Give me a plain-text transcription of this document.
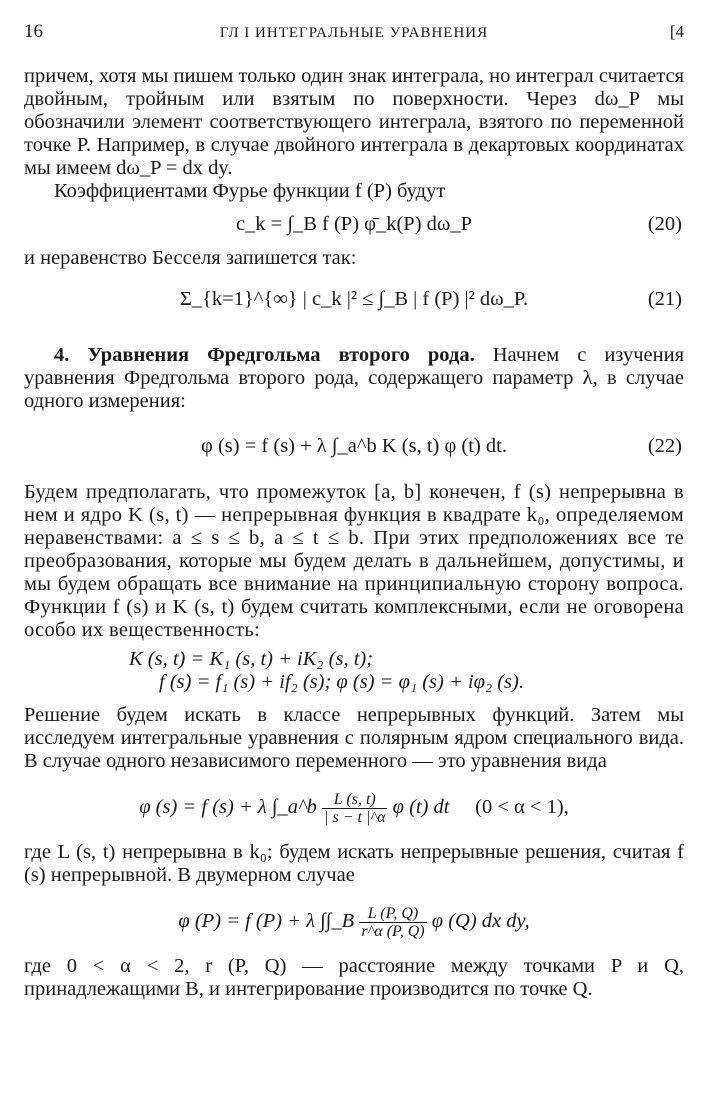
16	ГЛ I ИНТЕГРАЛЬНЫЕ УРАВНЕНИЯ	[4

причем, хотя мы пишем только один знак интеграла, но интеграл считается двойным, тройным или взятым по поверхности. Через dω_P мы обозначили элемент соответствующего интеграла, взятого по переменной точке P. Например, в случае двойного интеграла в декартовых координатах мы имеем dω_P = dx dy.

Коэффициентами Фурье функции f (P) будут

c_k = ∫_B f (P) φ̄_k(P) dω_P	(20)

и неравенство Бесселя запишется так:

Σ_{k=1}^{∞} | c_k |² ≤ ∫_B | f (P) |² dω_P.	(21)

4. Уравнения Фредгольма второго рода. Начнем с изучения уравнения Фредгольма второго рода, содержащего параметр λ, в случае одного измерения:

φ (s) = f (s) + λ ∫_a^b K (s, t) φ (t) dt.	(22)

Будем предполагать, что промежуток [a, b] конечен, f (s) непрерывна в нем и ядро K (s, t) — непрерывная функция в квадрате k₀, определяемом неравенствами: a ≤ s ≤ b, a ≤ t ≤ b. При этих предположениях все те преобразования, которые мы будем делать в дальнейшем, допустимы, и мы будем обращать все внимание на принципиальную сторону вопроса. Функции f (s) и K (s, t) будем считать комплексными, если не оговорена особо их вещественность:

K (s, t) = K₁ (s, t) + iK₂ (s, t);
f (s) = f₁ (s) + if₂ (s); φ (s) = φ₁ (s) + iφ₂ (s).

Решение будем искать в классе непрерывных функций. Затем мы исследуем интегральные уравнения с полярным ядром специального вида. В случае одного независимого переменного — это уравнения вида

φ (s) = f (s) + λ ∫_a^b $\frac{L (s, t)}{| s - t |\^{}\alpha}$ φ (t) dt (0 < α < 1),

где L (s, t) непрерывна в k₀; будем искать непрерывные решения, считая f (s) непрерывной. В двумерном случае

φ (P) = f (P) + λ ∫∫_B $\frac{L (P, Q)}{r\^{}\alpha (P, Q)}$ φ (Q) dx dy,

где 0 < α < 2, r (P, Q) — расстояние между точками P и Q, принадлежащими B, и интегрирование производится по точке Q.
